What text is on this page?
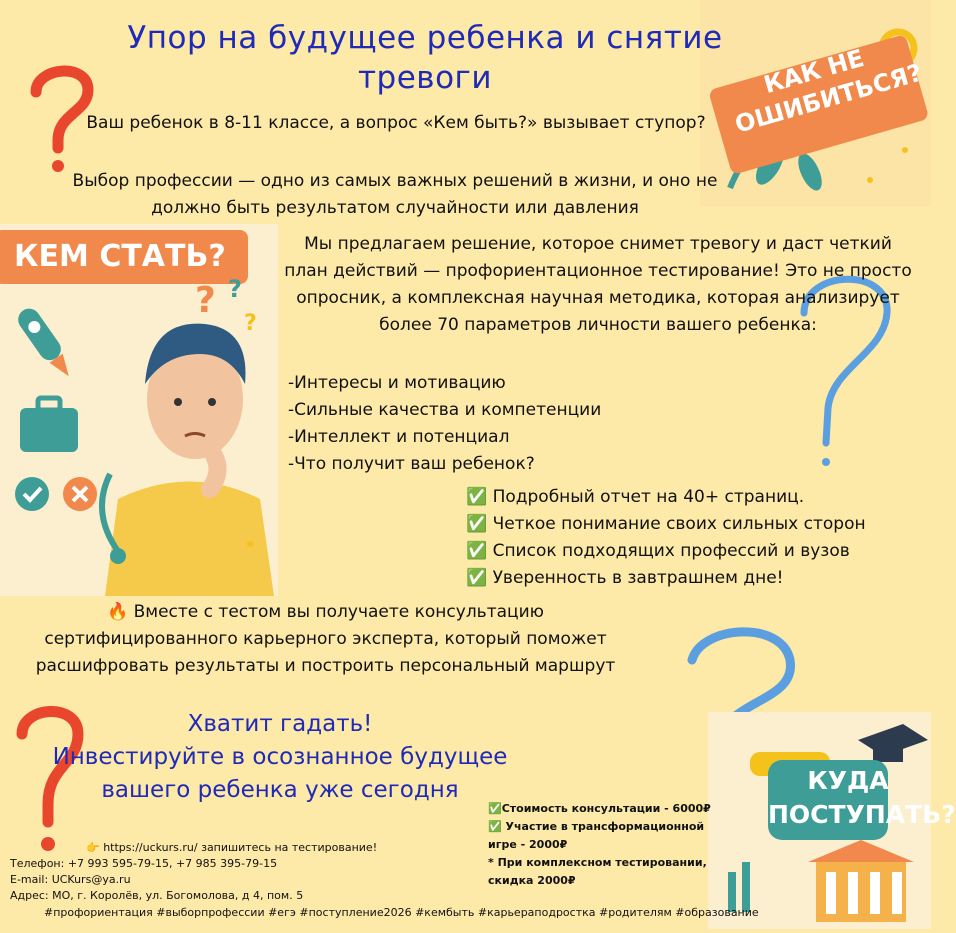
КАК НЕ ОШИБИТЬСЯ?
Упор на будущее ребенка и снятие тревоги
Ваш ребенок в 8-11 классе, а вопрос «Кем быть?» вызывает ступор?
Выбор профессии — одно из самых важных решений в жизни, и оно не должно быть результатом случайности или давления
? ?
?
КЕМ СТАТЬ?	Мы предлагаем решение, которое снимет тревогу и даст четкий план действий — профориентационное тестирование! Это не просто опросник, а комплексная научная методика, которая анализирует более 70 параметров личности вашего ребенка:
-Интересы и мотивацию
-Сильные качества и компетенции
-Интеллект и потенциал
-Что получит ваш ребенок?
✅ Подробный отчет на 40+ страниц.
✅ Четкое понимание своих сильных сторон
✅ Список подходящих профессий и вузов
✅ Уверенность в завтрашнем дне!
🔥 Вместе с тестом вы получаете консультацию сертифицированного карьерного эксперта, который поможет расшифровать результаты и построить персональный маршрут
Хватит гадать!
Инвестируйте в осознанное будущее
вашего ребенка уже сегодня	КУДА ПОСТУПАТЬ?
👉 https://uckurs.ru/ запишитесь на тестирование!
Телефон: +7 993 595-79-15, +7 985 395-79-15
E-mail: UCKurs@ya.ru
Адрес: МО, г. Королёв, ул. Богомолова, д 4, пом. 5
✅Стоимость консультации - 6000₽
✅ Участие в трансформационной игре - 2000₽
* При комплексном тестировании, скидка 2000₽
#профориентация #выборпрофессии #егэ #поступление2026 #кембыть #карьераподростка #родителям #образование
